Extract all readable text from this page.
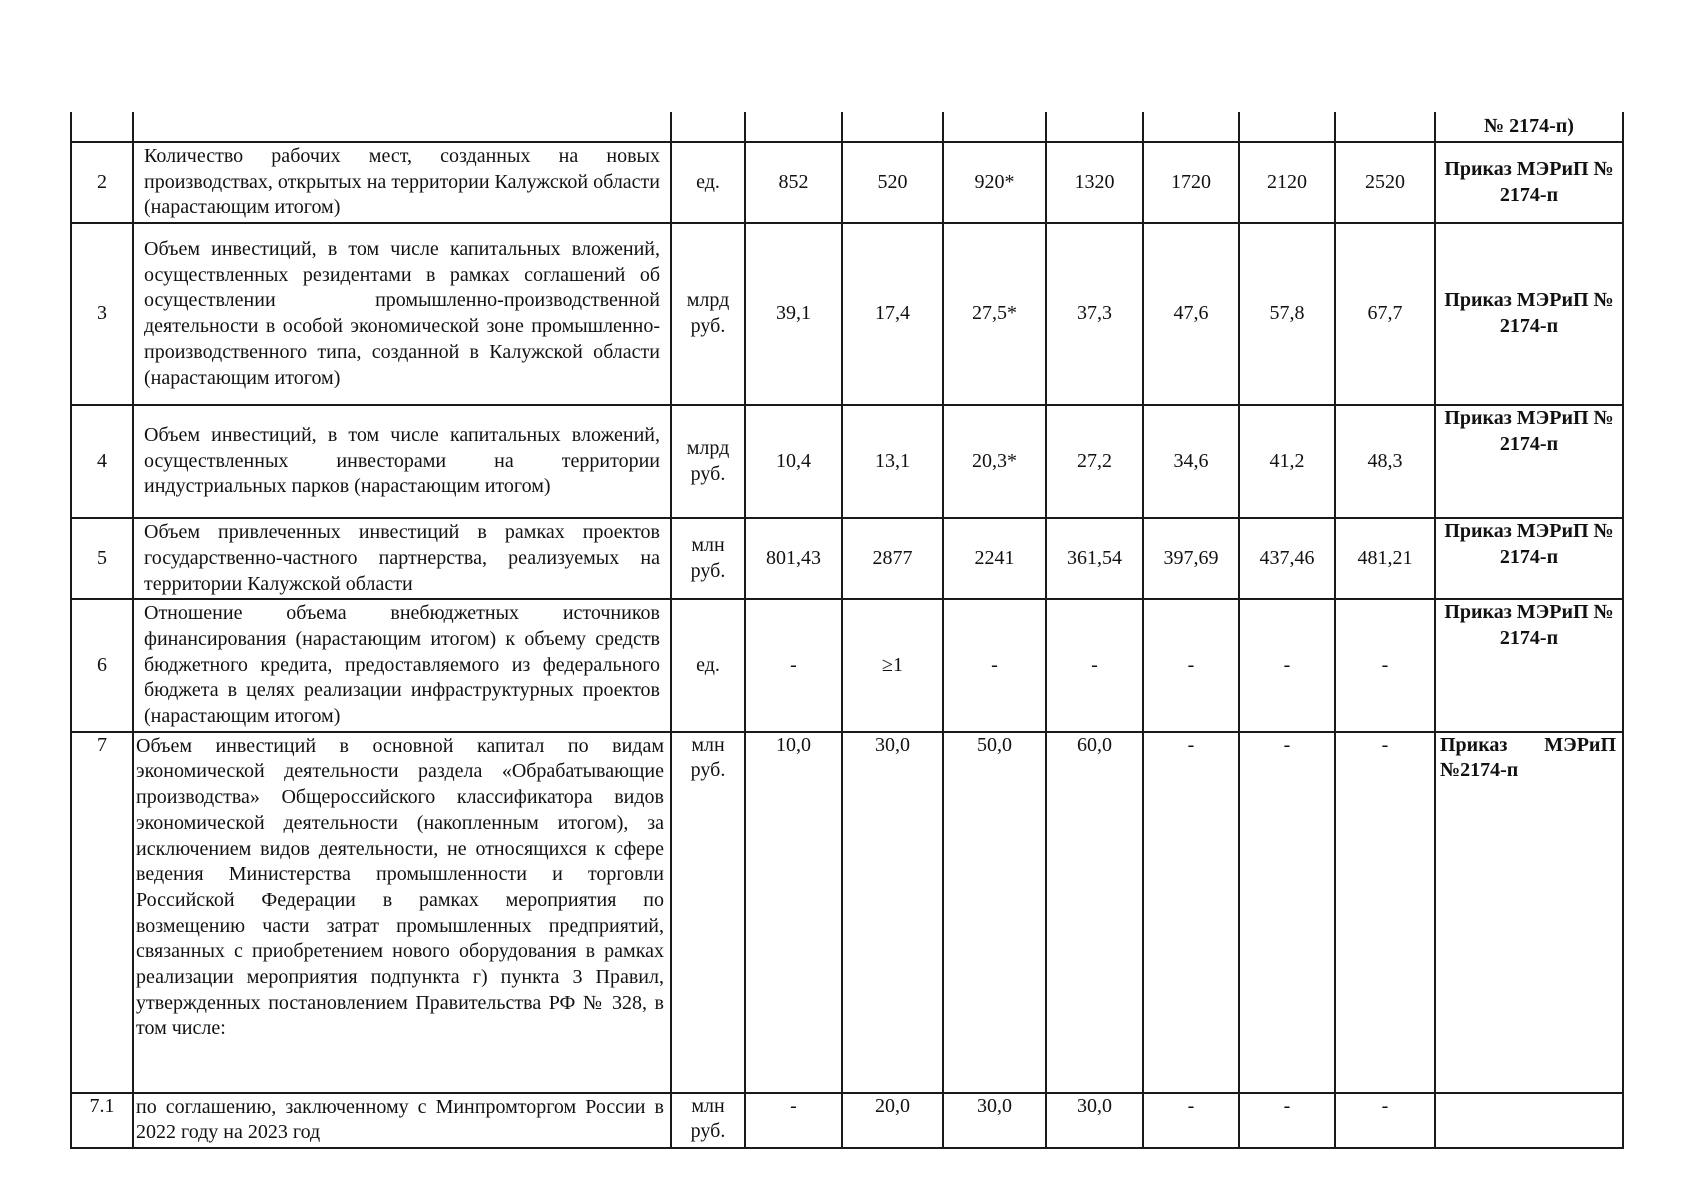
										№ 2174-п)
2	Количество рабочих мест, созданных на новых производствах, открытых на территории Калужской области (нарастающим итогом)	ед.	852	520	920*	1320	1720	2120	2520	Приказ МЭРиП № 2174-п
3	Объем инвестиций, в том числе капитальных вложений, осуществленных резидентами в рамках соглашений об осуществлении промышленно-производственной деятельности в особой экономической зоне промышленно-производственного типа, созданной в Калужской области (нарастающим итогом)	млрд руб.	39,1	17,4	27,5*	37,3	47,6	57,8	67,7	Приказ МЭРиП № 2174-п
4	Объем инвестиций, в том числе капитальных вложений, осуществленных инвесторами на территории индустриальных парков (нарастающим итогом)	млрд руб.	10,4	13,1	20,3*	27,2	34,6	41,2	48,3	Приказ МЭРиП № 2174-п
5	Объем привлеченных инвестиций в рамках проектов государственно-частного партнерства, реализуемых на территории Калужской области	млн руб.	801,43	2877	2241	361,54	397,69	437,46	481,21	Приказ МЭРиП № 2174-п
6	Отношение объема внебюджетных источников финансирования (нарастающим итогом) к объему средств бюджетного кредита, предоставляемого из федерального бюджета в целях реализации инфраструктурных проектов (нарастающим итогом)	ед.	-	≥1	-	-	-	-	-	Приказ МЭРиП № 2174-п
7	Объем инвестиций в основной капитал по видам экономической деятельности раздела «Обрабатывающие производства» Общероссийского классификатора видов экономической деятельности (накопленным итогом), за исключением видов деятельности, не относящихся к сфере ведения Министерства промышленности и торговли Российской Федерации в рамках мероприятия по возмещению части затрат промышленных предприятий, связанных с приобретением нового оборудования в рамках реализации мероприятия подпункта г) пункта 3 Правил, утвержденных постановлением Правительства РФ № 328, в том числе:	млн руб.	10,0	30,0	50,0	60,0	-	-	-	Приказ МЭРиП №2174-п
7.1	по соглашению, заключенному с Минпромторгом России в 2022 году на 2023 год	млн руб.	-	20,0	30,0	30,0	-	-	-	
